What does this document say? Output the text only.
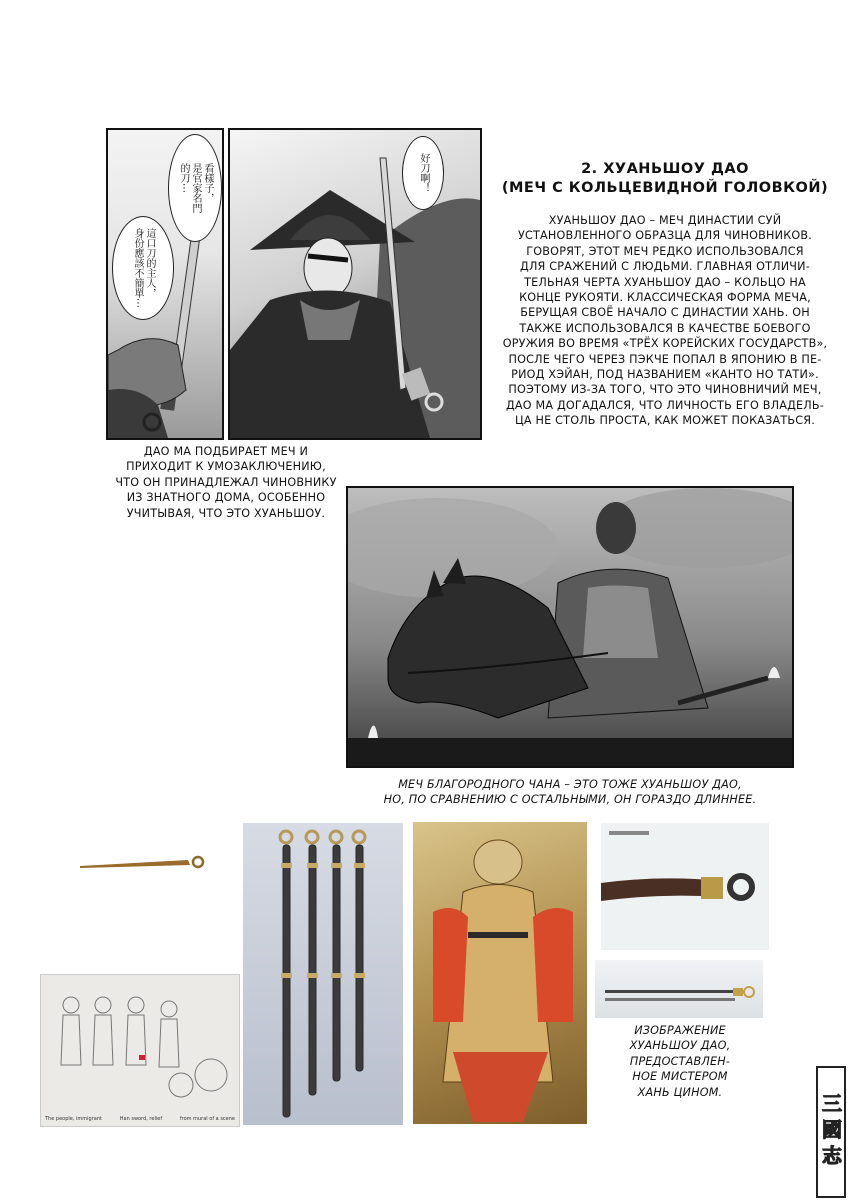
看樣子，
是官家名門
的刀⋯
這口刀的主人，
身份應該不簡單⋯
好刀啊！	2. ХУАНЬШОУ ДАО
(МЕЧ С КОЛЬЦЕВИДНОЙ ГОЛОВКОЙ)
ХУАНЬШОУ ДАО – МЕЧ ДИНАСТИИ СУЙ
УСТАНОВЛЕННОГО ОБРАЗЦА ДЛЯ ЧИНОВНИКОВ.
ГОВОРЯТ, ЭТОТ МЕЧ РЕДКО ИСПОЛЬЗОВАЛСЯ
ДЛЯ СРАЖЕНИЙ С ЛЮДЬМИ. ГЛАВНАЯ ОТЛИЧИ-
ТЕЛЬНАЯ ЧЕРТА ХУАНЬШОУ ДАО – КОЛЬЦО НА
КОНЦЕ РУКОЯТИ. КЛАССИЧЕСКАЯ ФОРМА МЕЧА,
БЕРУЩАЯ СВОЁ НАЧАЛО С ДИНАСТИИ ХАНЬ. ОН
ТАКЖЕ ИСПОЛЬЗОВАЛСЯ В КАЧЕСТВЕ БОЕВОГО
ОРУЖИЯ ВО ВРЕМЯ «ТРЁХ КОРЕЙСКИХ ГОСУДАРСТВ»,
ПОСЛЕ ЧЕГО ЧЕРЕЗ ПЭКЧЕ ПОПАЛ В ЯПОНИЮ В ПЕ-
РИОД ХЭЙАН, ПОД НАЗВАНИЕМ «КАНТО НО ТАТИ».
ПОЭТОМУ ИЗ-ЗА ТОГО, ЧТО ЭТО ЧИНОВНИЧИЙ МЕЧ,
ДАО МА ДОГАДАЛСЯ, ЧТО ЛИЧНОСТЬ ЕГО ВЛАДЕЛЬ-
ЦА НЕ СТОЛЬ ПРОСТА, КАК МОЖЕТ ПОКАЗАТЬСЯ.
ДАО МА ПОДБИРАЕТ МЕЧ И
ПРИХОДИТ К УМОЗАКЛЮЧЕНИЮ,
ЧТО ОН ПРИНАДЛЕЖАЛ ЧИНОВНИКУ
ИЗ ЗНАТНОГО ДОМА, ОСОБЕННО
УЧИТЫВАЯ, ЧТО ЭТО ХУАНЬШОУ.
МЕЧ БЛАГОРОДНОГО ЧАНА – ЭТО ТОЖЕ ХУАНЬШОУ ДАО,
НО, ПО СРАВНЕНИЮ С ОСТАЛЬНЫМИ, ОН ГОРАЗДО ДЛИННЕЕ.
The people, immigrant	Han sword, relief	from mural of a scene
ИЗОБРАЖЕНИЕ
ХУАНЬШОУ ДАО,
ПРЕДОСТАВЛЕН-
НОЕ МИСТЕРОМ
ХАНЬ ЦИНОМ.
三國志
